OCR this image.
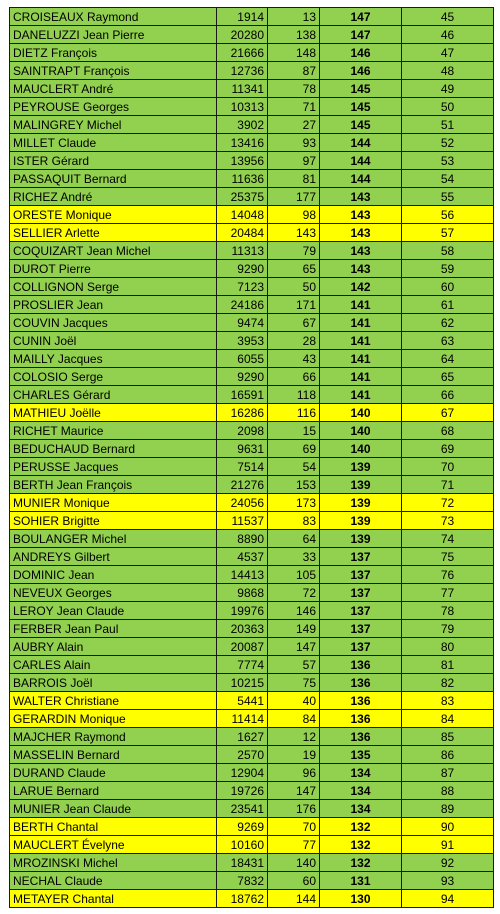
CROISEAUX Raymond	1914	13	147	45
DANELUZZI Jean Pierre	20280	138	147	46
DIETZ François	21666	148	146	47
SAINTRAPT François	12736	87	146	48
MAUCLERT André	11341	78	145	49
PEYROUSE Georges	10313	71	145	50
MALINGREY Michel	3902	27	145	51
MILLET Claude	13416	93	144	52
ISTER Gérard	13956	97	144	53
PASSAQUIT Bernard	11636	81	144	54
RICHEZ André	25375	177	143	55
ORESTE Monique	14048	98	143	56
SELLIER Arlette	20484	143	143	57
COQUIZART Jean Michel	11313	79	143	58
DUROT Pierre	9290	65	143	59
COLLIGNON Serge	7123	50	142	60
PROSLIER Jean	24186	171	141	61
COUVIN Jacques	9474	67	141	62
CUNIN Joël	3953	28	141	63
MAILLY Jacques	6055	43	141	64
COLOSIO Serge	9290	66	141	65
CHARLES Gérard	16591	118	141	66
MATHIEU Joëlle	16286	116	140	67
RICHET Maurice	2098	15	140	68
BEDUCHAUD Bernard	9631	69	140	69
PERUSSE Jacques	7514	54	139	70
BERTH Jean François	21276	153	139	71
MUNIER Monique	24056	173	139	72
SOHIER Brigitte	11537	83	139	73
BOULANGER Michel	8890	64	139	74
ANDREYS Gilbert	4537	33	137	75
DOMINIC Jean	14413	105	137	76
NEVEUX Georges	9868	72	137	77
LEROY Jean Claude	19976	146	137	78
FERBER Jean Paul	20363	149	137	79
AUBRY Alain	20087	147	137	80
CARLES Alain	7774	57	136	81
BARROIS Joël	10215	75	136	82
WALTER Christiane	5441	40	136	83
GERARDIN Monique	11414	84	136	84
MAJCHER Raymond	1627	12	136	85
MASSELIN Bernard	2570	19	135	86
DURAND Claude	12904	96	134	87
LARUE Bernard	19726	147	134	88
MUNIER Jean Claude	23541	176	134	89
BERTH Chantal	9269	70	132	90
MAUCLERT Évelyne	10160	77	132	91
MROZINSKI Michel	18431	140	132	92
NECHAL Claude	7832	60	131	93
METAYER Chantal	18762	144	130	94
